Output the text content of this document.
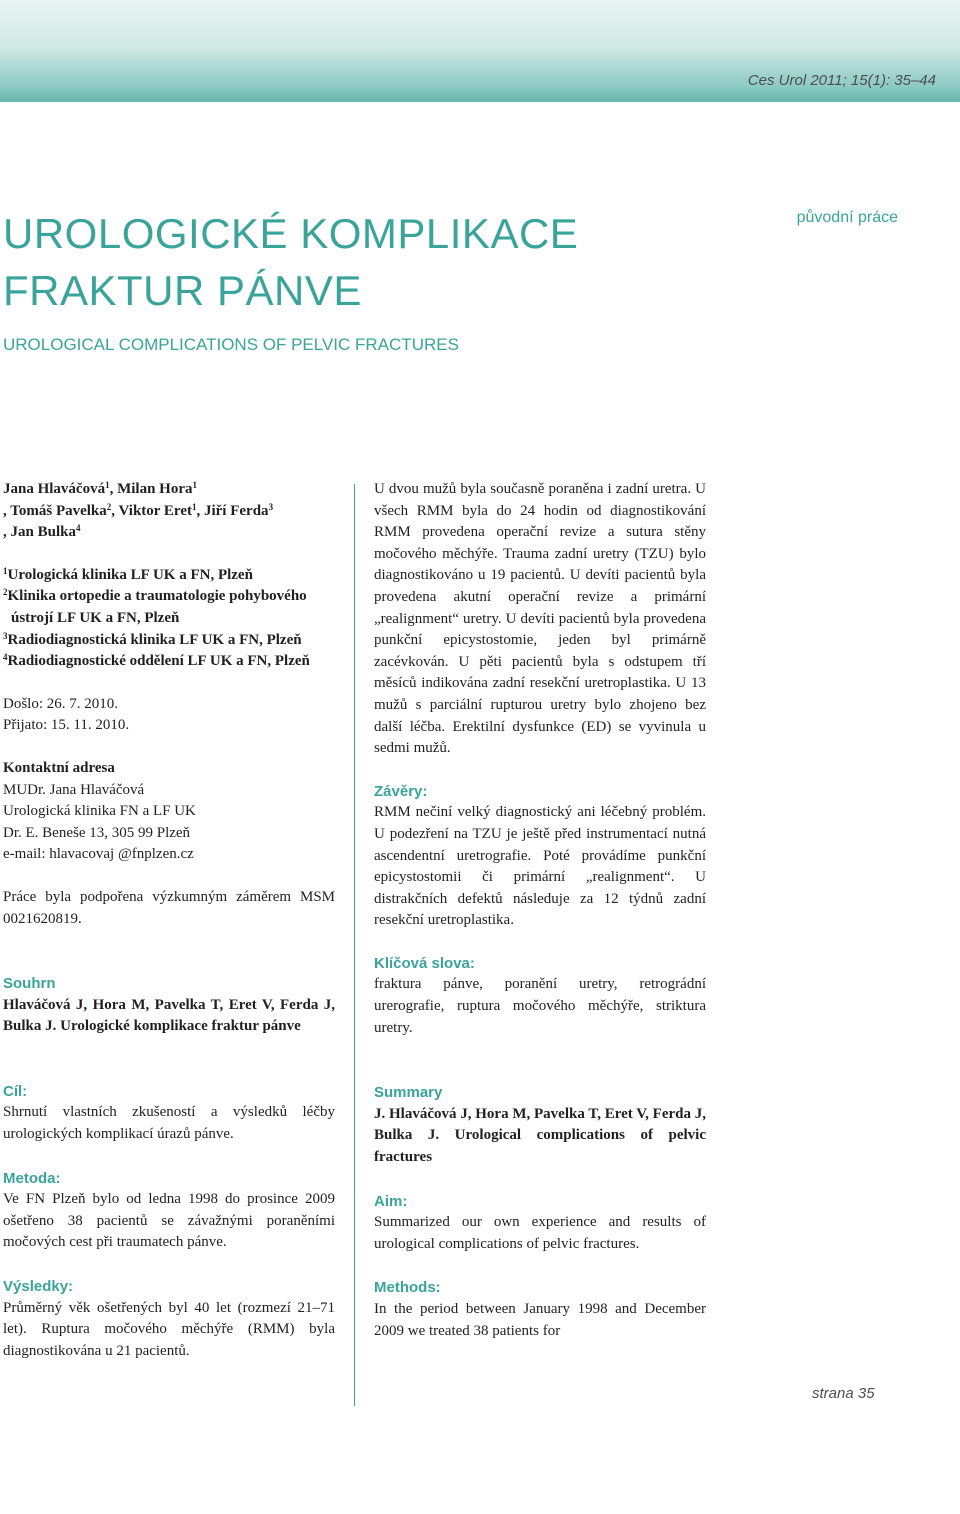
Ces Urol 2011; 15(1): 35–44
UROLOGICKÉ KOMPLIKACE
FRAKTUR PÁNVE
původní práce
UROLOGICAL COMPLICATIONS OF PELVIC FRACTURES

Jana Hlaváčová$^1$, Milan Hora$^1$
, Tomáš Pavelka$^2$, Viktor Eret$^1$, Jiří Ferda$^3$
, Jan Bulka$^4$

$^1$Urologická klinika LF UK a FN, Plzeň

$^2$Klinika ortopedie a traumatologie pohybového ústrojí LF UK a FN, Plzeň

$^3$Radiodiagnostická klinika LF UK a FN, Plzeň

$^4$Radiodiagnostické oddělení LF UK a FN, Plzeň

Došlo: 26. 7. 2010.

Přijato: 15. 11. 2010.

Kontaktní adresa

MUDr. Jana Hlaváčová

Urologická klinika FN a LF UK

Dr. E. Beneše 13, 305 99 Plzeň

e-mail: hlavacovaj @fnplzen.cz

Práce byla podpořena výzkumným záměrem MSM 0021620819.

Souhrn

Hlaváčová J, Hora M, Pavelka T, Eret V, Ferda J, Bulka J. Urologické komplikace fraktur pánve

Cíl:

Shrnutí vlastních zkušeností a výsledků léčby urologických komplikací úrazů pánve.

Metoda:

Ve FN Plzeň bylo od ledna 1998 do prosince 2009 ošetřeno 38 pacientů se závažnými poraněními močových cest při traumatech pánve.

Výsledky:

Průměrný věk ošetřených byl 40 let (rozmezí 21–71 let). Ruptura močového měchýře (RMM) byla diagnostikována u 21 pacientů.

U dvou mužů byla současně poraněna i zadní uretra. U všech RMM byla do 24 hodin od diagnostikování RMM provedena operační revize a sutura stěny močového měchýře. Trauma zadní uretry (TZU) bylo diagnostikováno u 19 pacientů. U devíti pacientů byla provedena akutní operační revize a primární „realignment“ uretry. U devíti pacientů byla provedena punkční epicystostomie, jeden byl primárně zacévkován. U pěti pacientů byla s odstupem tří měsíců indikována zadní resekční uretroplastika. U 13 mužů s parciální rupturou uretry bylo zhojeno bez další léčba. Erektilní dysfunkce (ED) se vyvinula u sedmi mužů.

Závěry:

RMM nečiní velký diagnostický ani léčebný problém. U podezření na TZU je ještě před instrumentací nutná ascendentní uretrografie. Poté provádíme punkční epicystostomii či primární „realignment“. U distrakčních defektů následuje za 12 týdnů zadní resekční uretroplastika.

Klíčová slova:

fraktura pánve, poranění uretry, retrográdní urerografie, ruptura močového měchýře, striktura uretry.

Summary

J. Hlaváčová J, Hora M, Pavelka T, Eret V, Ferda J, Bulka J. Urological complications of pelvic fractures

Aim:

Summarized our own experience and results of urological complications of pelvic fractures.

Methods:

In the period between January 1998 and December 2009 we treated 38 patients for

strana 35
